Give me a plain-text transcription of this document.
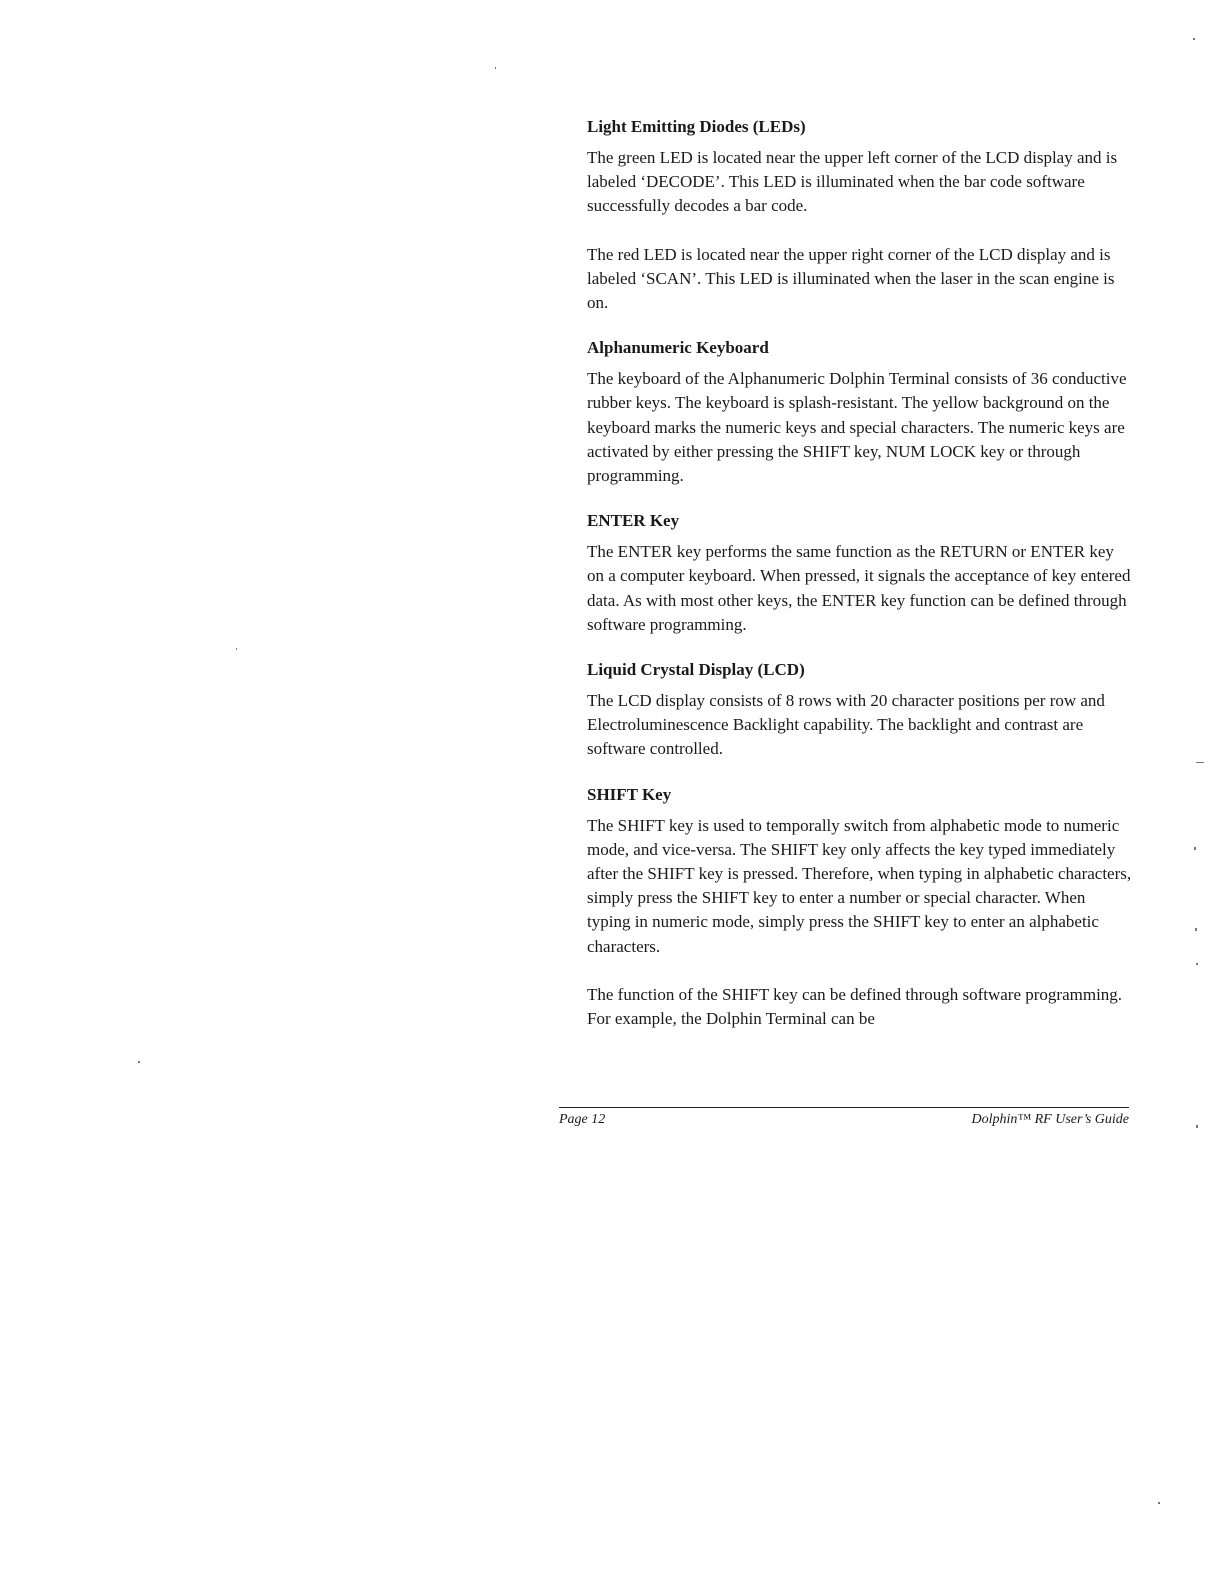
Light Emitting Diodes (LEDs)

The green LED is located near the upper left corner of the LCD display and is labeled ‘DECODE’. This LED is illuminated when the bar code software successfully decodes a bar code.

The red LED is located near the upper right corner of the LCD display and is labeled ‘SCAN’. This LED is illuminated when the laser in the scan engine is on.

Alphanumeric Keyboard

The keyboard of the Alphanumeric Dolphin Terminal consists of 36 conductive rubber keys. The keyboard is splash-resistant. The yellow background on the keyboard marks the numeric keys and special characters. The numeric keys are activated by either pressing the SHIFT key, NUM LOCK key or through programming.

ENTER Key

The ENTER key performs the same function as the RETURN or ENTER key on a computer keyboard. When pressed, it signals the acceptance of key entered data. As with most other keys, the ENTER key function can be defined through software programming.

Liquid Crystal Display (LCD)

The LCD display consists of 8 rows with 20 character positions per row and Electroluminescence Backlight capability. The backlight and contrast are software controlled.

SHIFT Key

The SHIFT key is used to temporally switch from alphabetic mode to numeric mode, and vice-versa. The SHIFT key only affects the key typed immediately after the SHIFT key is pressed. Therefore, when typing in alphabetic characters, simply press the SHIFT key to enter a number or special character. When typing in numeric mode, simply press the SHIFT key to enter an alphabetic characters.

The function of the SHIFT key can be defined through software programming. For example, the Dolphin Terminal can be

Page 12	Dolphin™ RF User’s Guide
